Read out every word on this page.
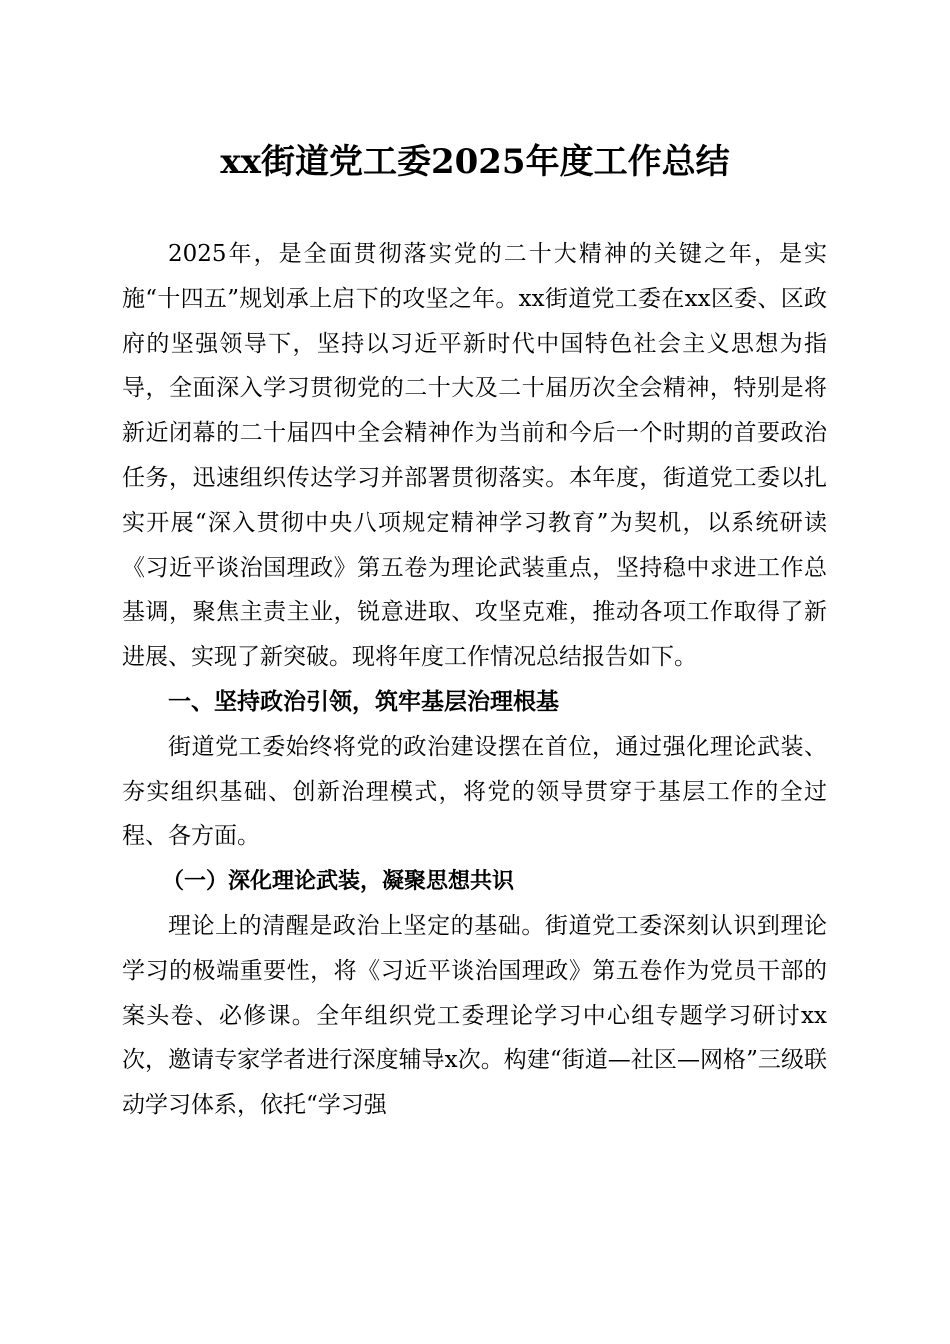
xx街道党工委2025年度工作总结

2025年，是全面贯彻落实党的二十大精神的关键之年，是实施“十四五”规划承上启下的攻坚之年。xx街道党工委在xx区委、区政府的坚强领导下，坚持以习近平新时代中国特色社会主义思想为指导，全面深入学习贯彻党的二十大及二十届历次全会精神，特别是将新近闭幕的二十届四中全会精神作为当前和今后一个时期的首要政治任务，迅速组织传达学习并部署贯彻落实。本年度，街道党工委以扎实开展“深入贯彻中央八项规定精神学习教育”为契机，以系统研读《习近平谈治国理政》第五卷为理论武装重点，坚持稳中求进工作总基调，聚焦主责主业，锐意进取、攻坚克难，推动各项工作取得了新进展、实现了新突破。现将年度工作情况总结报告如下。

一、坚持政治引领，筑牢基层治理根基

街道党工委始终将党的政治建设摆在首位，通过强化理论武装、夯实组织基础、创新治理模式，将党的领导贯穿于基层工作的全过程、各方面。

（一）深化理论武装，凝聚思想共识

理论上的清醒是政治上坚定的基础。街道党工委深刻认识到理论学习的极端重要性，将《习近平谈治国理政》第五卷作为党员干部的案头卷、必修课。全年组织党工委理论学习中心组专题学习研讨xx次，邀请专家学者进行深度辅导x次。构建“街道—社区—网格”三级联动学习体系，依托“学习强
